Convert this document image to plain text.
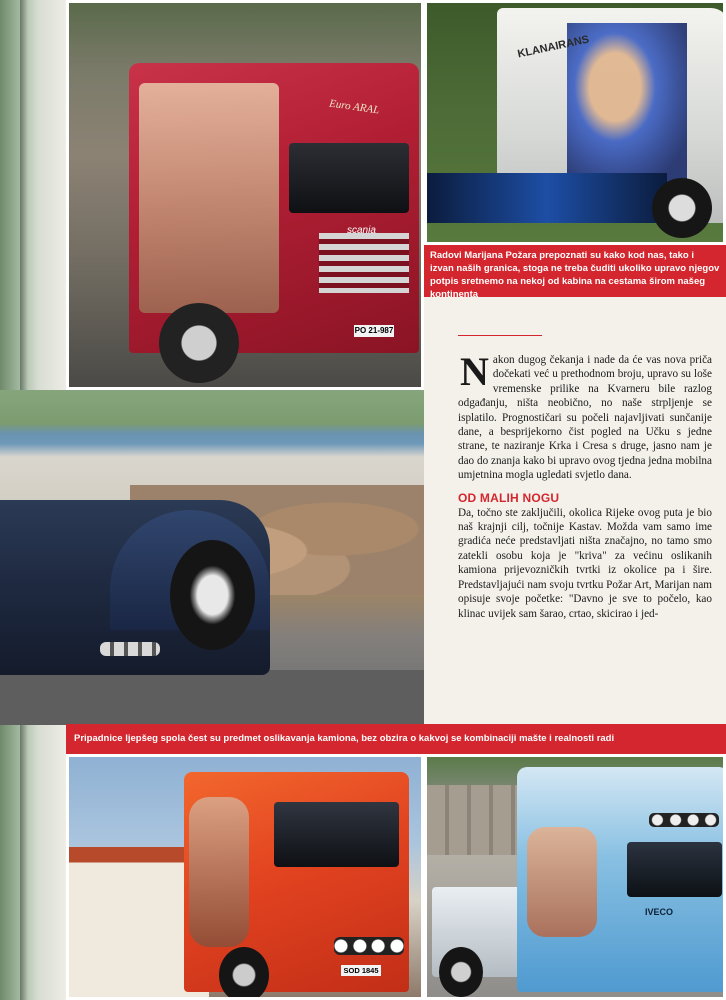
Euro ARAL
scania
PO 21-987
KLANAIRANS
Radovi Marijana Požara prepoznati su kako kod nas, tako i izvan naših granica, stoga ne treba čuditi ukoliko upravo njegov potpis sretnemo na nekoj od kabina na cestama širom našeg kontinenta

Nakon dugog čekanja i nade da će vas nova priča dočekati već u prethodnom broju, upravo su loše vremenske prilike na Kvarneru bile razlog odgađanju, ništa neobično, no naše strpljenje se isplatilo. Prognostičari su počeli najavljivati sunčanije dane, a besprijekorno čist pogled na Učku s jedne strane, te naziranje Krka i Cresa s druge, jasno nam je dao do znanja kako bi upravo ovog tjedna jedna mobilna umjetnina mogla ugledati svjetlo dana.

OD MALIH NOGU

Da, točno ste zaključili, okolica Rijeke ovog puta je bio naš krajnji cilj, točnije Kastav. Možda vam samo ime gradića neće predstavljati ništa značajno, no tamo smo zatekli osobu koja je "kriva" za većinu oslikanih kamiona prijevozničkih tvrtki iz okolice pa i šire. Predstavljajući nam svoju tvrtku Požar Art, Marijan nam opisuje svoje početke: "Davno je sve to počelo, kao klinac uvijek sam šarao, crtao, skicirao i jed-

Pripadnice ljepšeg spola čest su predmet oslikavanja kamiona, bez obzira o kakvoj se kombinaciji mašte i realnosti radi
SOD 1845
IVECO
